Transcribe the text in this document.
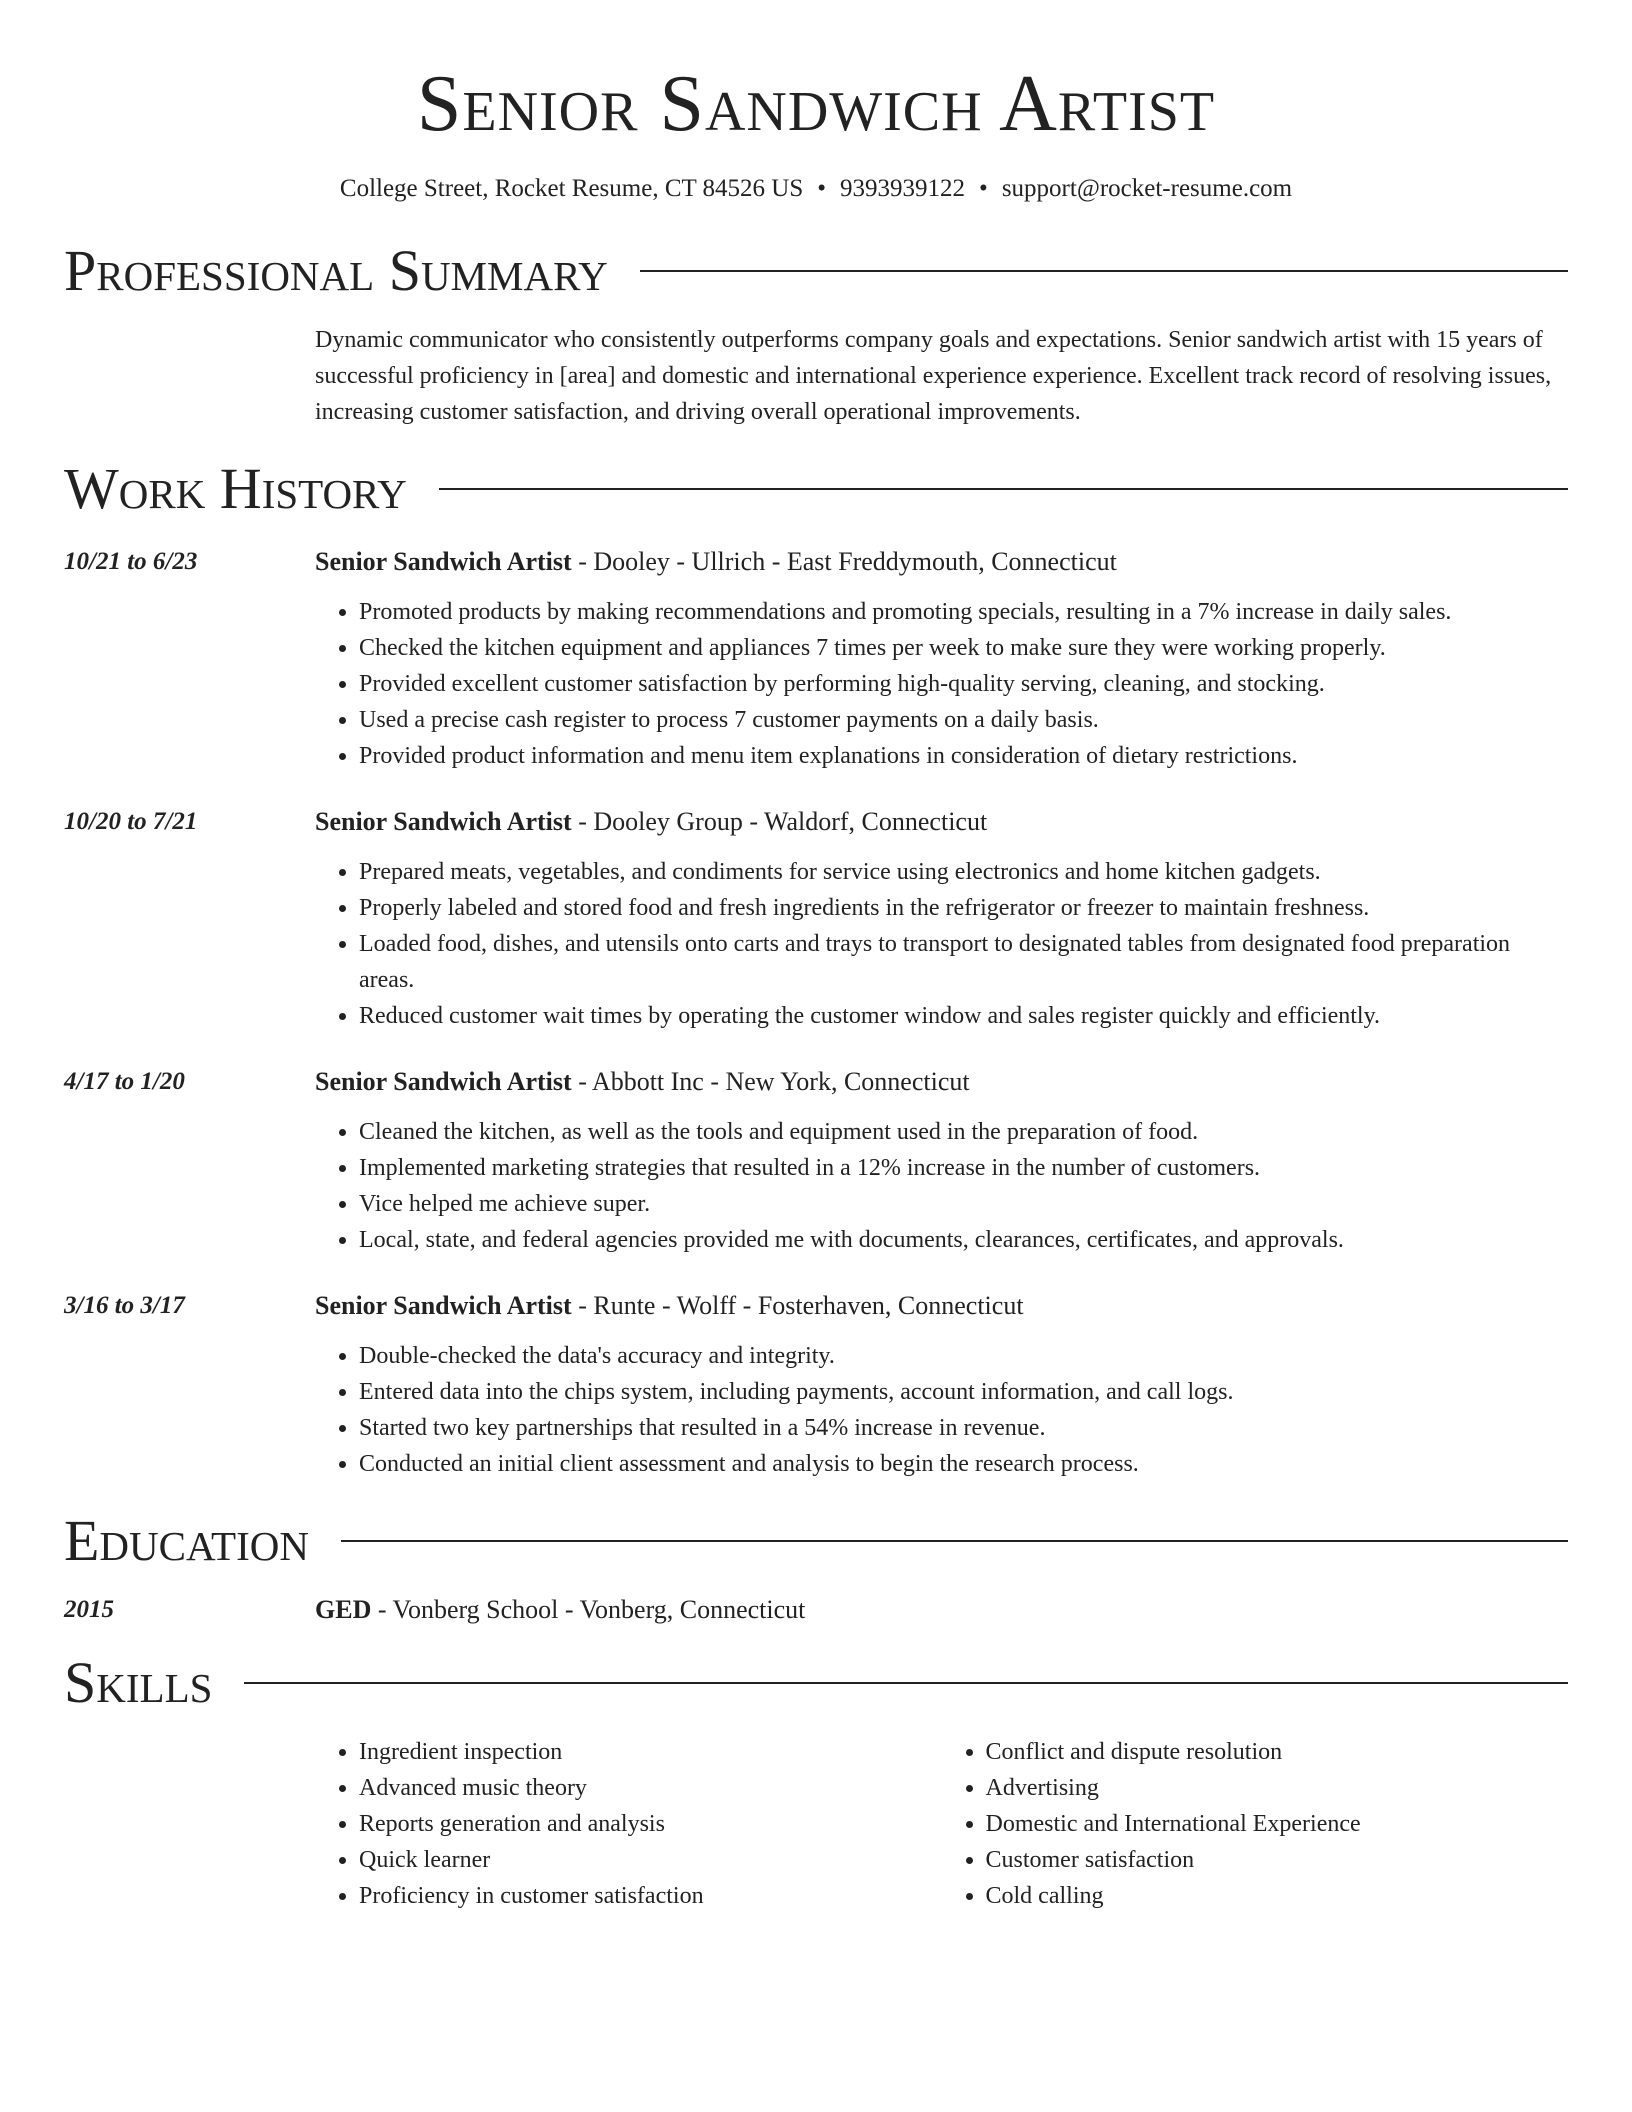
Senior Sandwich Artist
College Street, Rocket Resume, CT 84526 US • 9393939122 • support@rocket-resume.com
Professional Summary
Dynamic communicator who consistently outperforms company goals and expectations. Senior sandwich artist with 15 years of successful proficiency in [area] and domestic and international experience experience. Excellent track record of resolving issues, increasing customer satisfaction, and driving overall operational improvements.
Work History
10/21 to 6/23	Senior Sandwich Artist - Dooley - Ullrich - East Freddymouth, Connecticut
• Promoted products by making recommendations and promoting specials, resulting in a 7% increase in daily sales.
• Checked the kitchen equipment and appliances 7 times per week to make sure they were working properly.
• Provided excellent customer satisfaction by performing high-quality serving, cleaning, and stocking.
• Used a precise cash register to process 7 customer payments on a daily basis.
• Provided product information and menu item explanations in consideration of dietary restrictions.
10/20 to 7/21	Senior Sandwich Artist - Dooley Group - Waldorf, Connecticut
• Prepared meats, vegetables, and condiments for service using electronics and home kitchen gadgets.
• Properly labeled and stored food and fresh ingredients in the refrigerator or freezer to maintain freshness.
• Loaded food, dishes, and utensils onto carts and trays to transport to designated tables from designated food preparation areas.
• Reduced customer wait times by operating the customer window and sales register quickly and efficiently.
4/17 to 1/20	Senior Sandwich Artist - Abbott Inc - New York, Connecticut
• Cleaned the kitchen, as well as the tools and equipment used in the preparation of food.
• Implemented marketing strategies that resulted in a 12% increase in the number of customers.
• Vice helped me achieve super.
• Local, state, and federal agencies provided me with documents, clearances, certificates, and approvals.
3/16 to 3/17	Senior Sandwich Artist - Runte - Wolff - Fosterhaven, Connecticut
• Double-checked the data's accuracy and integrity.
• Entered data into the chips system, including payments, account information, and call logs.
• Started two key partnerships that resulted in a 54% increase in revenue.
• Conducted an initial client assessment and analysis to begin the research process.
Education
2015	GED - Vonberg School - Vonberg, Connecticut
Skills
• Ingredient inspection
• Advanced music theory
• Reports generation and analysis
• Quick learner
• Proficiency in customer satisfaction
• Conflict and dispute resolution
• Advertising
• Domestic and International Experience
• Customer satisfaction
• Cold calling
